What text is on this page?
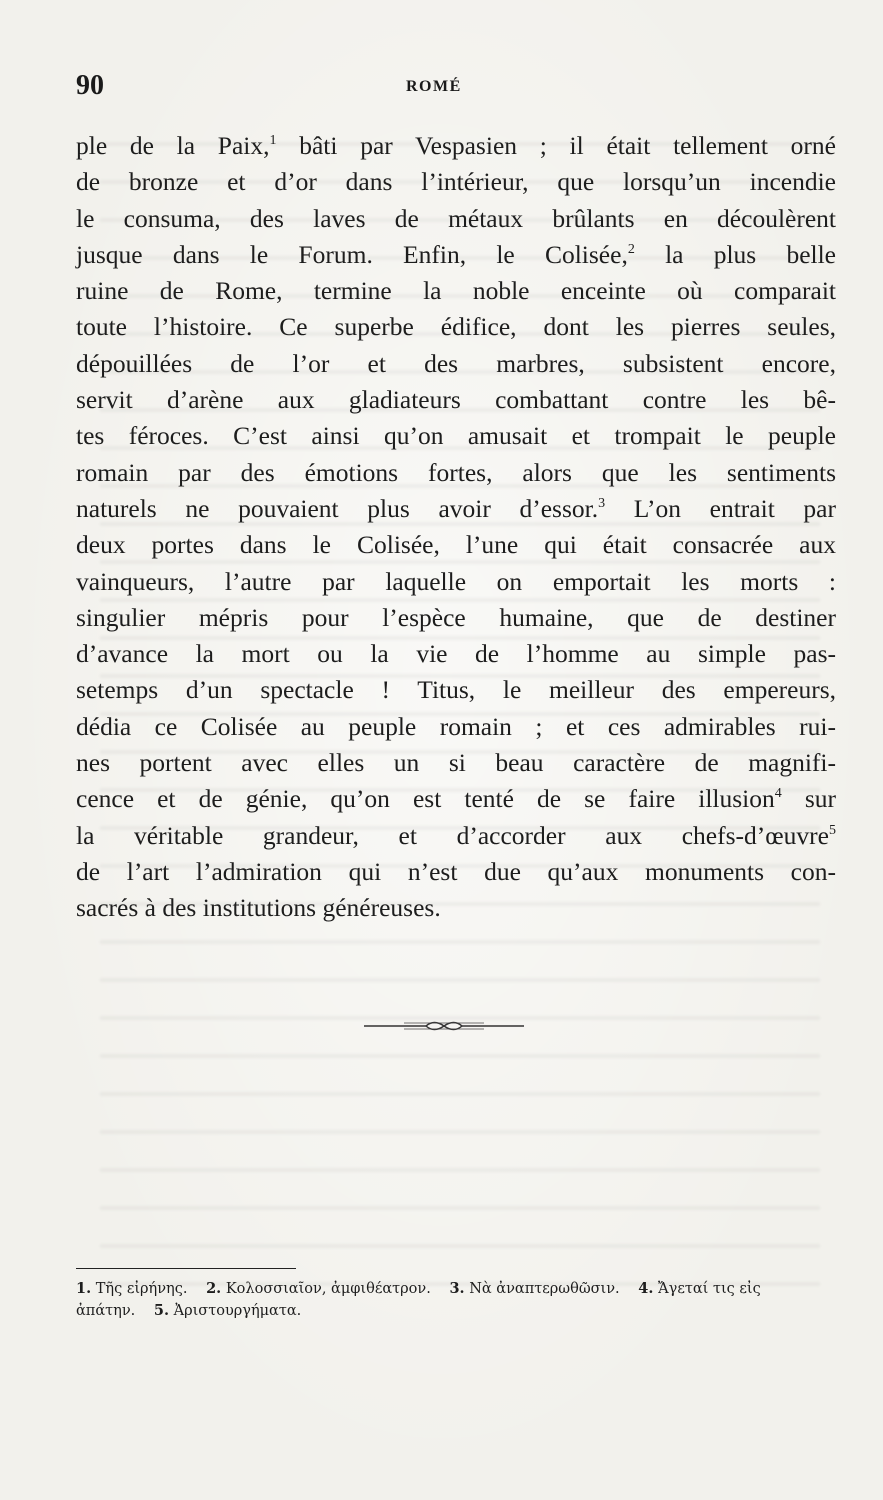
90	ROMÉ
ple de la Paix,$^1$ bâti par Vespasien ; il était tellement orné
de bronze et d’or dans l’intérieur, que lorsqu’un incendie
le consuma, des laves de métaux brûlants en découlèrent
jusque dans le Forum. Enfin, le Colisée,$^2$ la plus belle
ruine de Rome, termine la noble enceinte où comparait
toute l’histoire. Ce superbe édifice, dont les pierres seules,
dépouillées de l’or et des marbres, subsistent encore,
servit d’arène aux gladiateurs combattant contre les bê-
tes féroces. C’est ainsi qu’on amusait et trompait le peuple
romain par des émotions fortes, alors que les sentiments
naturels ne pouvaient plus avoir d’essor.$^3$ L’on entrait par
deux portes dans le Colisée, l’une qui était consacrée aux
vainqueurs, l’autre par laquelle on emportait les morts :
singulier mépris pour l’espèce humaine, que de destiner
d’avance la mort ou la vie de l’homme au simple pas-
setemps d’un spectacle ! Titus, le meilleur des empereurs,
dédia ce Colisée au peuple romain ; et ces admirables rui-
nes portent avec elles un si beau caractère de magnifi-
cence et de génie, qu’on est tenté de se faire illusion$^4$ sur
la véritable grandeur, et d’accorder aux chefs-d’œuvre$^5$
de l’art l’admiration qui n’est due qu’aux monuments con-
sacrés à des institutions généreuses.
1. Τῆς εἰρήνης. 2. Κολοσσιαῖον, ἀμφιθέατρον. 3. Νὰ ἀναπτερωθῶσιν. 4. Ἄγεταί τις εἰς
ἀπάτην. 5. Ἀριστουργήματα.
